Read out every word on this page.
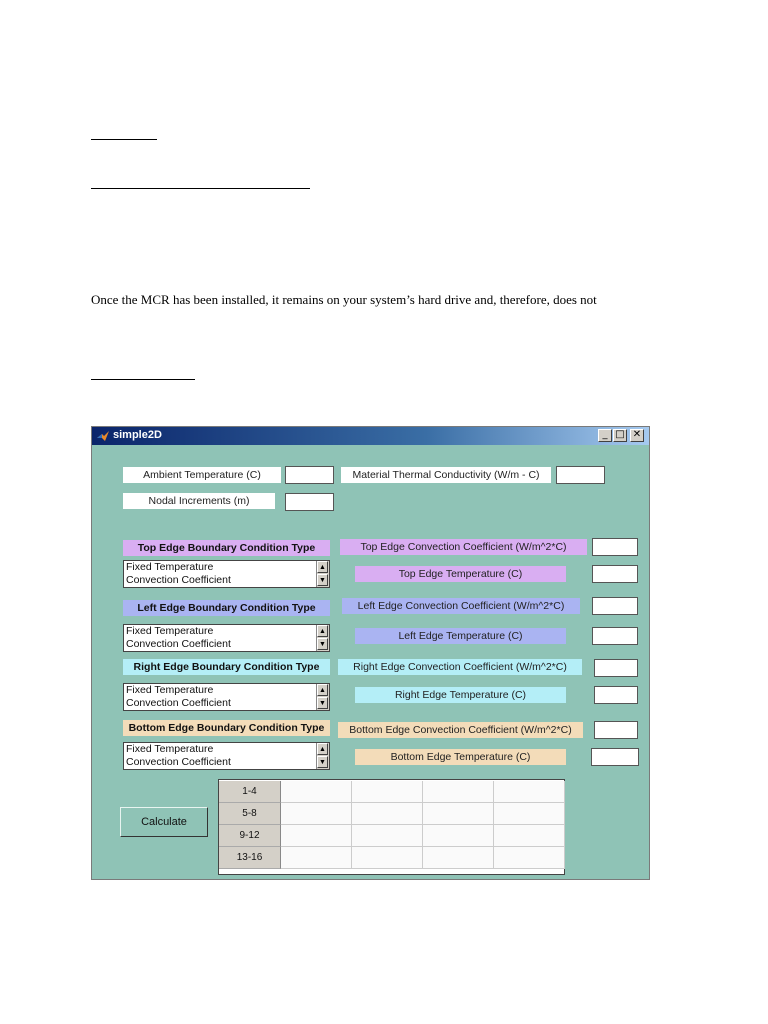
Once the MCR has been installed, it remains on your system’s hard drive and, therefore, does not
simple2D	_ □ ✕
Ambient Temperature (C)	Material Thermal Conductivity (W/m - C)
Nodal Increments (m)
Top Edge Boundary Condition Type	Top Edge Convection Coefficient (W/m^2*C)
Fixed Temperature
Convection Coefficient
▲
▼
Top Edge Temperature (C)
Left Edge Boundary Condition Type	Left Edge Convection Coefficient (W/m^2*C)
Fixed Temperature
Convection Coefficient
▲
▼
Left Edge Temperature (C)
Right Edge Boundary Condition Type	Right Edge Convection Coefficient (W/m^2*C)
Fixed Temperature
Convection Coefficient
▲
▼
Right Edge Temperature (C)
Bottom Edge Boundary Condition Type	Bottom Edge Convection Coefficient (W/m^2*C)
Fixed Temperature
Convection Coefficient
▲
▼	Bottom Edge Temperature (C)
Calculate
1-4
5-8
9-12
13-16
